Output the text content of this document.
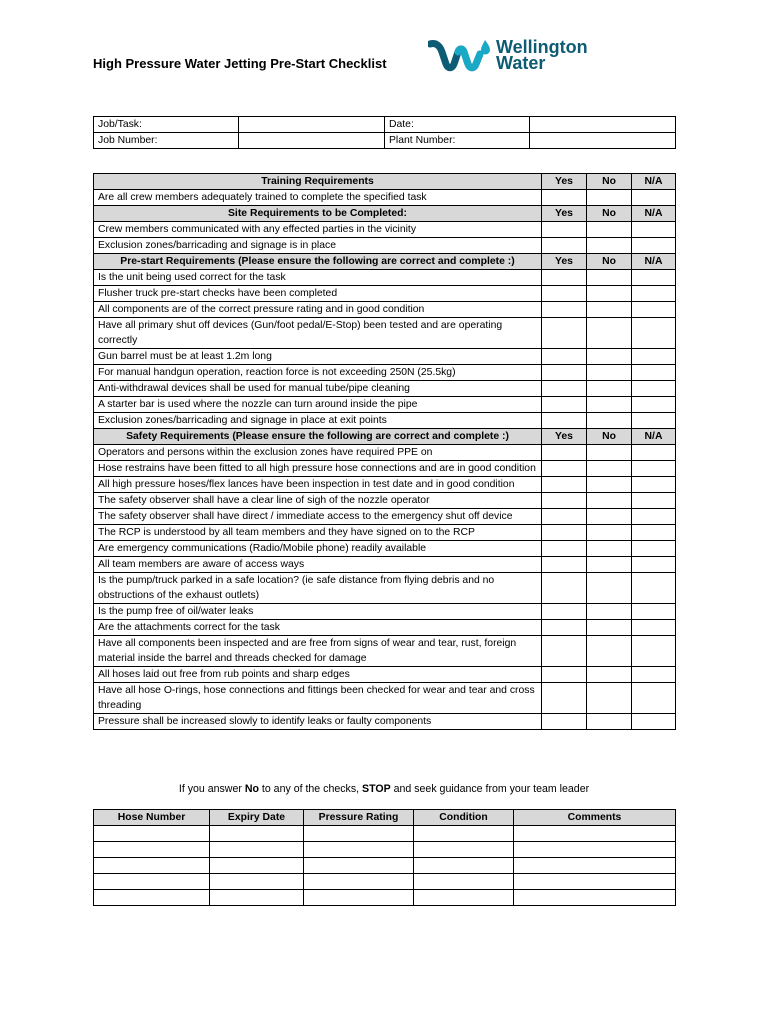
High Pressure Water Jetting Pre-Start Checklist
Wellington
Water
Job/Task:		Date:	
Job Number:		Plant Number:	
Training Requirements	Yes	No	N/A
Are all crew members adequately trained to complete the specified task			
Site Requirements to be Completed:	Yes	No	N/A
Crew members communicated with any effected parties in the vicinity			
Exclusion zones/barricading and signage is in place			
Pre-start Requirements (Please ensure the following are correct and complete :)	Yes	No	N/A
Is the unit being used correct for the task			
Flusher truck pre-start checks have been completed			
All components are of the correct pressure rating and in good condition			
Have all primary shut off devices (Gun/foot pedal/E-Stop) been tested and are operating correctly			
Gun barrel must be at least 1.2m long			
For manual handgun operation, reaction force is not exceeding 250N (25.5kg)			
Anti-withdrawal devices shall be used for manual tube/pipe cleaning			
A starter bar is used where the nozzle can turn around inside the pipe			
Exclusion zones/barricading and signage in place at exit points			
Safety Requirements (Please ensure the following are correct and complete :)	Yes	No	N/A
Operators and persons within the exclusion zones have required PPE on			
Hose restrains have been fitted to all high pressure hose connections and are in good condition			
All high pressure hoses/flex lances have been inspection in test date and in good condition			
The safety observer shall have a clear line of sigh of the nozzle operator			
The safety observer shall have direct / immediate access to the emergency shut off device			
The RCP is understood by all team members and they have signed on to the RCP			
Are emergency communications (Radio/Mobile phone) readily available			
All team members are aware of access ways			
Is the pump/truck parked in a safe location? (ie safe distance from flying debris and no obstructions of the exhaust outlets)			
Is the pump free of oil/water leaks			
Are the attachments correct for the task			
Have all components been inspected and are free from signs of wear and tear, rust, foreign material inside the barrel and threads checked for damage			
All hoses laid out free from rub points and sharp edges			
Have all hose O-rings, hose connections and fittings been checked for wear and tear and cross threading			
Pressure shall be increased slowly to identify leaks or faulty components			
If you answer No to any of the checks, STOP and seek guidance from your team leader
Hose Number	Expiry Date	Pressure Rating	Condition	Comments
